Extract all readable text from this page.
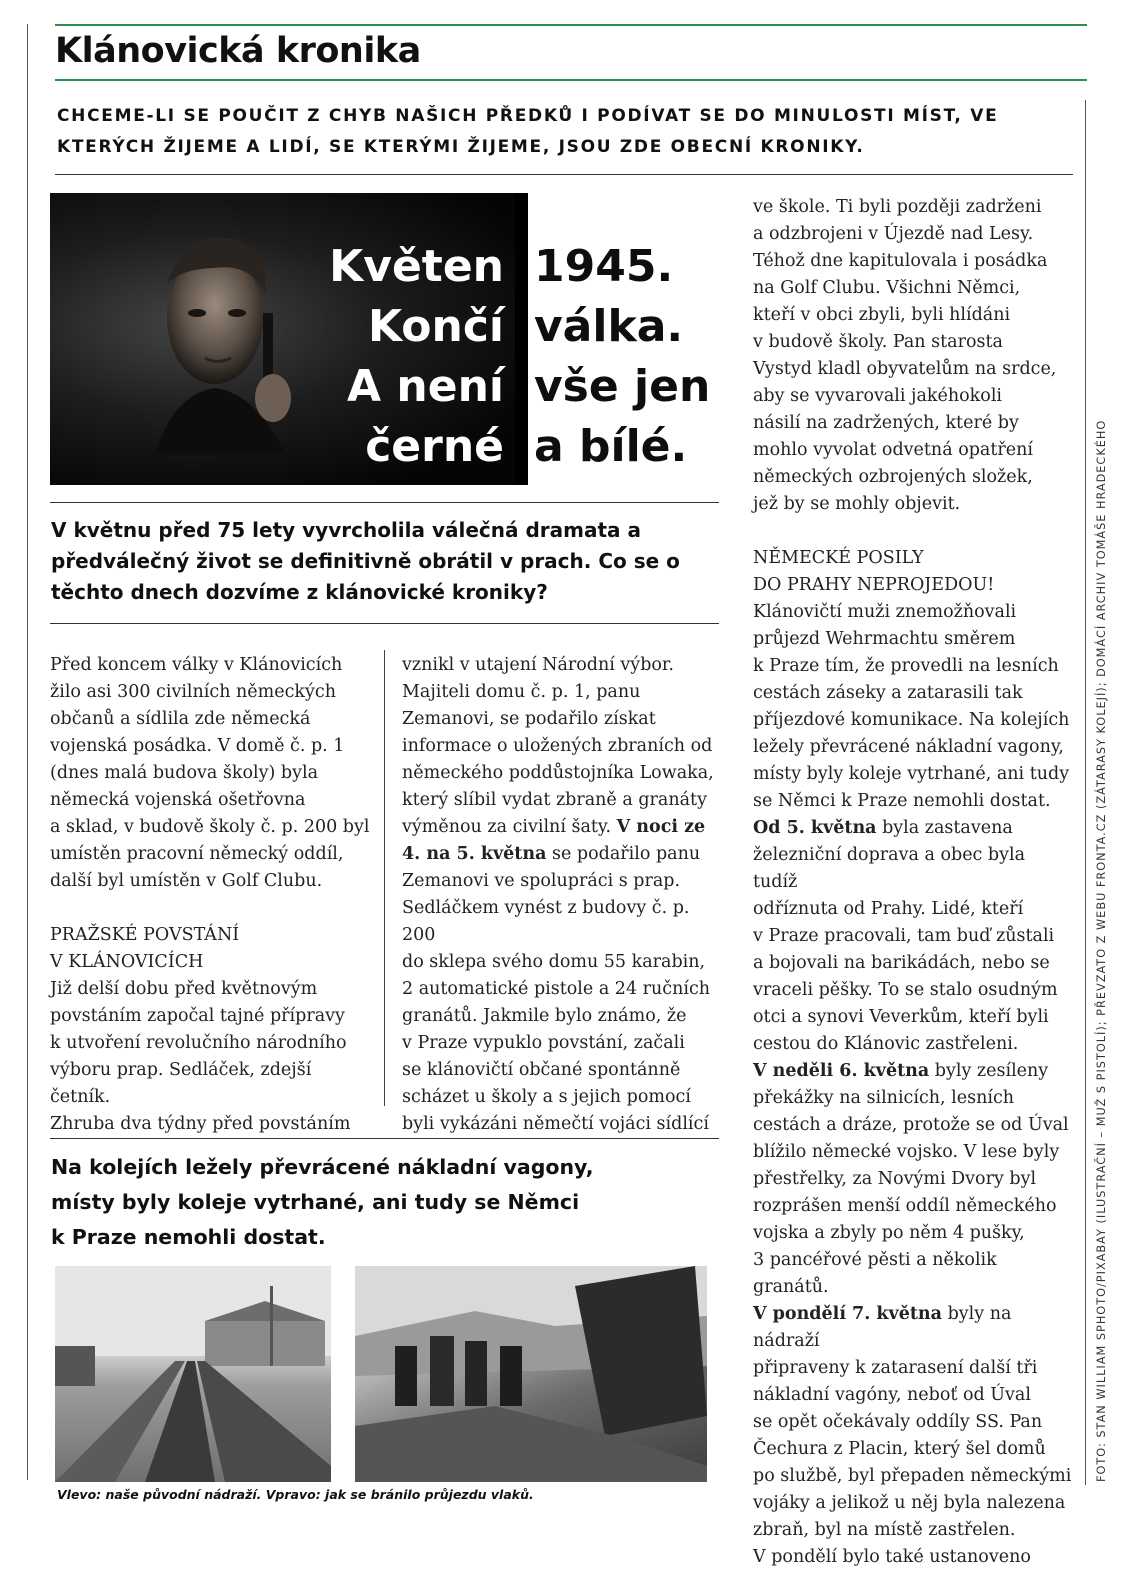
Klánovická kronika

CHCEME-LI SE POUČIT Z CHYB NAŠICH PŘEDKŮ I PODÍVAT SE DO MINULOSTI MÍST, VE KTERÝCH ŽIJEME A LIDÍ, SE KTERÝMI ŽIJEME, JSOU ZDE OBECNÍ KRONIKY.

Květen
Končí
A není
černé
1945.
válka.
vše jen
a bílé.

V květnu před 75 lety vyvrcholila válečná dramata a předválečný život se definitivně obrátil v prach. Co se o těchto dnech dozvíme z klánovické kroniky?

Před koncem války v Klánovicích
žilo asi 300 civilních německých
občanů a sídlila zde německá
vojenská posádka. V domě č. p. 1
(dnes malá budova školy) byla
německá vojenská ošetřovna
a sklad, v budově školy č. p. 200 byl
umístěn pracovní německý oddíl,
další byl umístěn v Golf Clubu.

PRAŽSKÉ POVSTÁNÍ
V KLÁNOVICÍCH

Již delší dobu před květnovým
povstáním započal tajné přípravy
k utvoření revolučního národního
výboru prap. Sedláček, zdejší četník.
Zhruba dva týdny před povstáním

vznikl v utajení Národní výbor.
Majiteli domu č. p. 1, panu
Zemanovi, se podařilo získat
informace o uložených zbraních od
německého poddůstojníka Lowaka,
který slíbil vydat zbraně a granáty
výměnou za civilní šaty. V noci ze
4. na 5. května se podařilo panu
Zemanovi ve spolupráci s prap.
Sedláčkem vynést z budovy č. p. 200
do sklepa svého domu 55 karabin,
2 automatické pistole a 24 ručních
granátů. Jakmile bylo známo, že
v Praze vypuklo povstání, začali
se klánovičtí občané spontánně
scházet u školy a s jejich pomocí
byli vykázáni němečtí vojáci sídlící

ve škole. Ti byli později zadrženi
a odzbrojeni v Újezdě nad Lesy.
Téhož dne kapitulovala i posádka
na Golf Clubu. Všichni Němci,
kteří v obci zbyli, byli hlídáni
v budově školy. Pan starosta
Vystyd kladl obyvatelům na srdce,
aby se vyvarovali jakéhokoli
násilí na zadržených, které by
mohlo vyvolat odvetná opatření
německých ozbrojených složek,
jež by se mohly objevit.

NĚMECKÉ POSILY
DO PRAHY NEPROJEDOU!

Klánovičtí muži znemožňovali
průjezd Wehrmachtu směrem
k Praze tím, že provedli na lesních
cestách záseky a zatarasili tak
příjezdové komunikace. Na kolejích
ležely převrácené nákladní vagony,
místy byly koleje vytrhané, ani tudy
se Němci k Praze nemohli dostat.
Od 5. května byla zastavena
železniční doprava a obec byla tudíž
odříznuta od Prahy. Lidé, kteří
v Praze pracovali, tam buď zůstali
a bojovali na barikádách, nebo se
vraceli pěšky. To se stalo osudným
otci a synovi Veverkům, kteří byli
cestou do Klánovic zastřeleni.
V neděli 6. května byly zesíleny
překážky na silnicích, lesních
cestách a dráze, protože se od Úval
blížilo německé vojsko. V lese byly
přestřelky, za Novými Dvory byl
rozprášen menší oddíl německého
vojska a zbyly po něm 4 pušky,
3 pancéřové pěsti a několik granátů.
V pondělí 7. května byly na nádraží
připraveny k zatarasení další tři
nákladní vagóny, neboť od Úval
se opět očekávaly oddíly SS. Pan
Čechura z Placin, který šel domů
po službě, byl přepaden německými
vojáky a jelikož u něj byla nalezena
zbraň, byl na místě zastřelen.
V pondělí bylo také ustanoveno

Na kolejích ležely převrácené nákladní vagony,
místy byly koleje vytrhané, ani tudy se Němci
k Praze nemohli dostat.

Vlevo: naše původní nádraží. Vpravo: jak se bránilo průjezdu vlaků.

FOTO: STAN WILLIAM SPHOTO/PIXABAY (ILUSTRAČNÍ – MUŽ S PISTOLÍ); PŘEVZATO Z WEBU FRONTA.CZ (ZÁTARASY KOLEJÍ); DOMÁCÍ ARCHIV TOMÁŠE HRADECKÉHO
